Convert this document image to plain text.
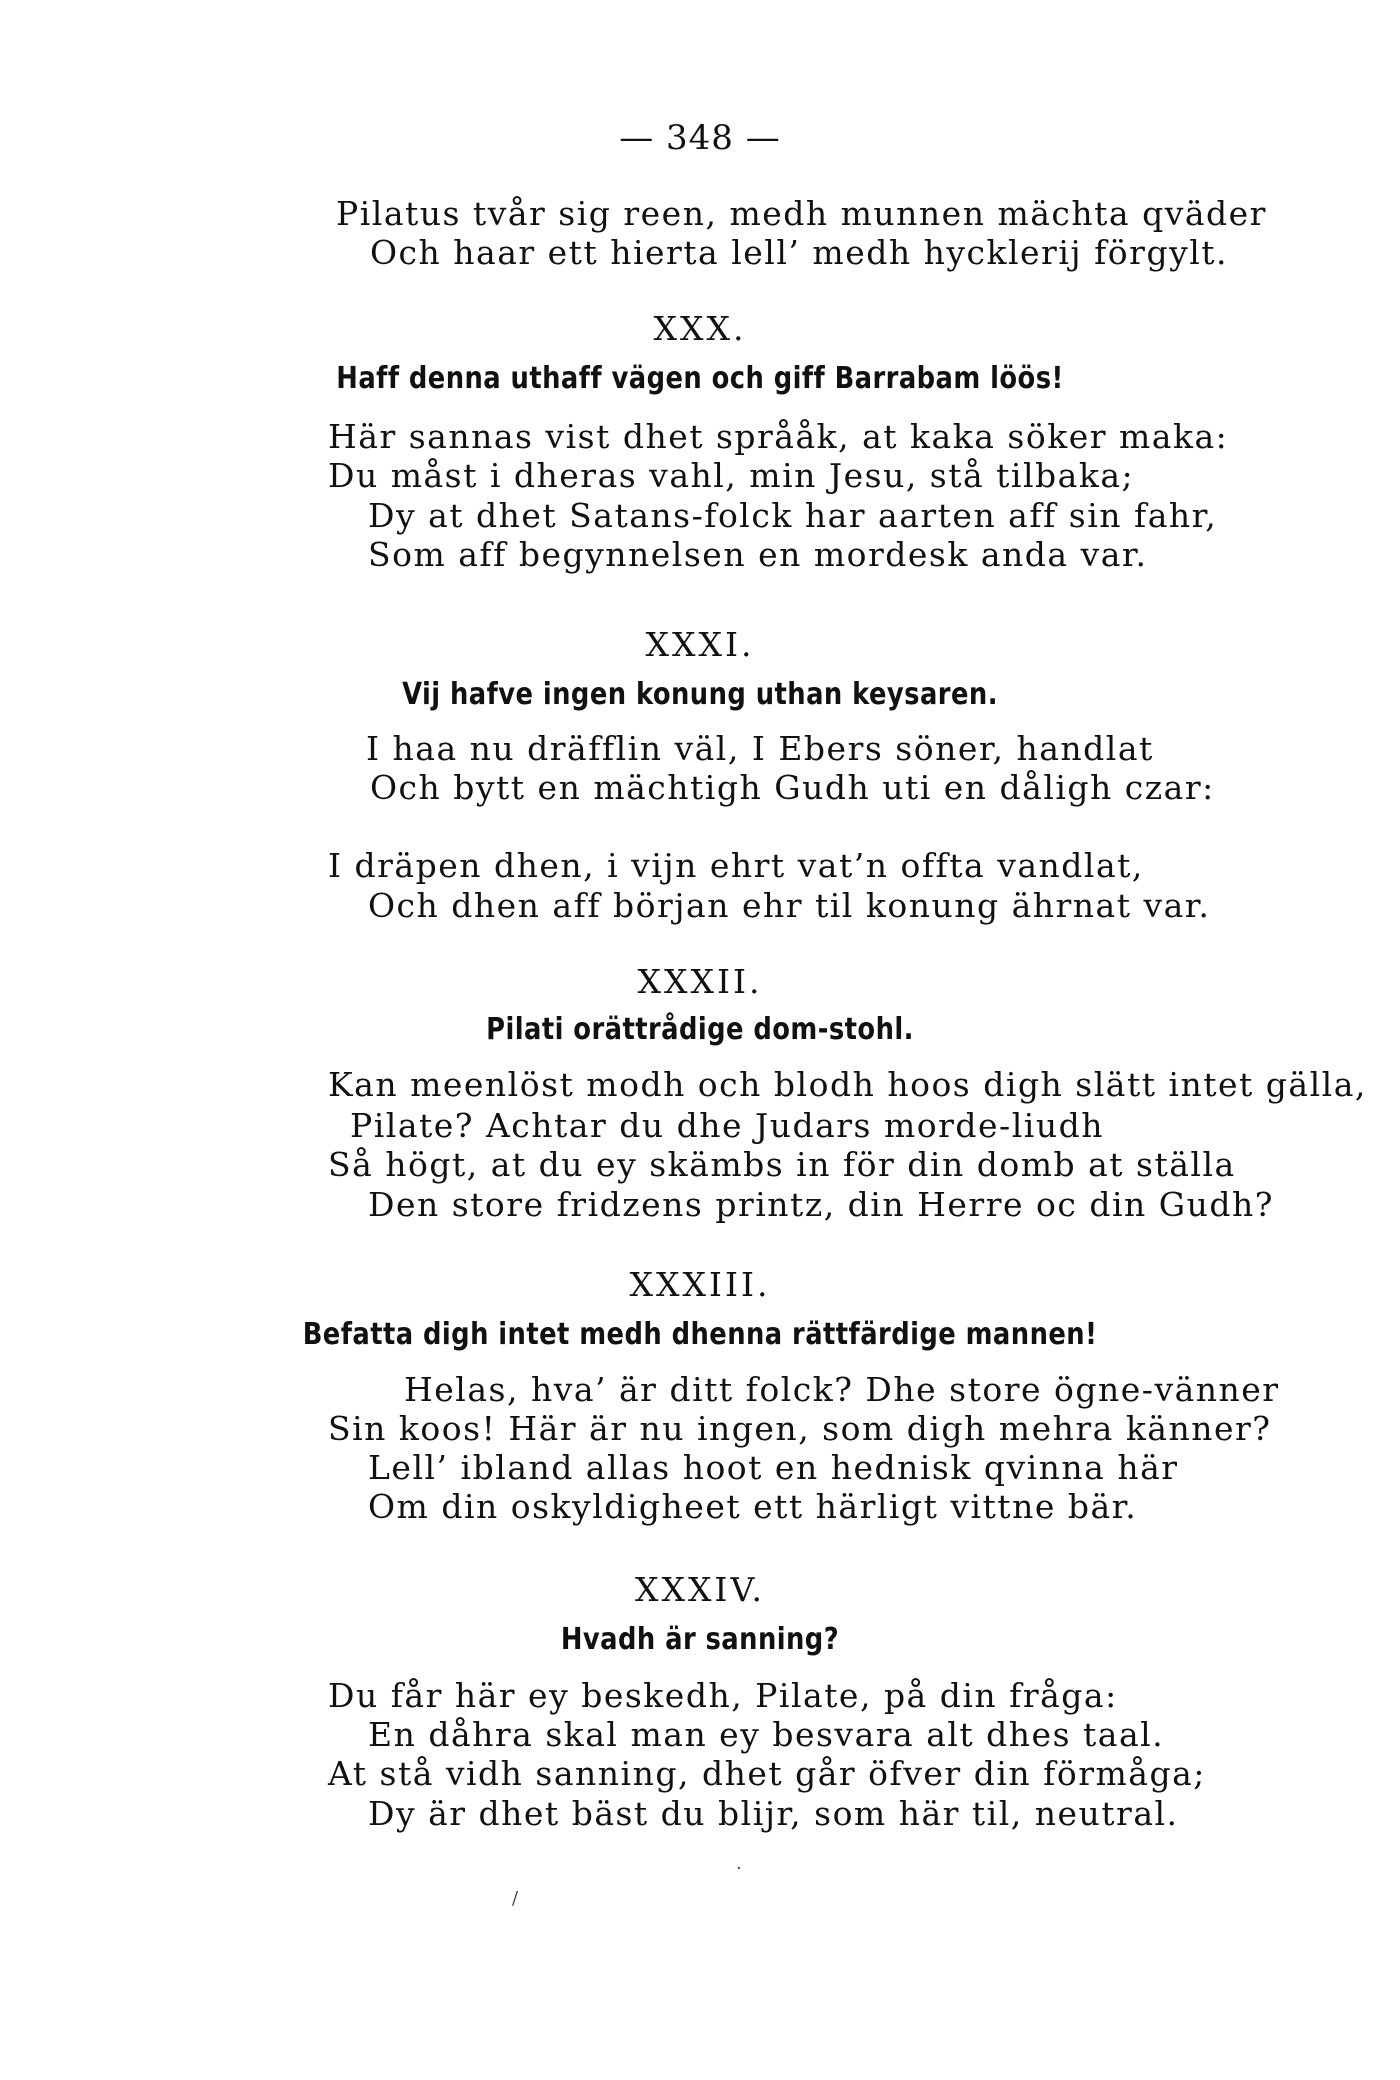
— 348 —
Pilatus tvår sig reen, medh munnen mächta qväder
Och haar ett hierta lell’ medh hycklerij förgylt.
XXX.
Haff denna uthaff vägen och giff Barrabam löös!
Här sannas vist dhet språåk, at kaka söker maka:
Du måst i dheras vahl, min Jesu, stå tilbaka;
Dy at dhet Satans-folck har aarten aff sin fahr,
Som aff begynnelsen en mordesk anda var.
XXXI.
Vij hafve ingen konung uthan keysaren.
I haa nu dräfflin väl, I Ebers söner, handlat
Och bytt en mächtigh Gudh uti en dåligh czar:
I dräpen dhen, i vijn ehrt vat’n offta vandlat,
Och dhen aff början ehr til konung ährnat var.
XXXII.
Pilati orättrådige dom-stohl.
Kan meenlöst modh och blodh hoos digh slätt intet gälla,
Pilate? Achtar du dhe Judars morde-liudh
Så högt, at du ey skämbs in för din domb at ställa
Den store fridzens printz, din Herre oc din Gudh?
XXXIII.
Befatta digh intet medh dhenna rättfärdige mannen!
Helas, hva’ är ditt folck? Dhe store ögne-vänner
Sin koos! Här är nu ingen, som digh mehra känner?
Lell’ ibland allas hoot en hednisk qvinna här
Om din oskyldigheet ett härligt vittne bär.
XXXIV.
Hvadh är sanning?
Du får här ey beskedh, Pilate, på din fråga:
En dåhra skal man ey besvara alt dhes taal.
At stå vidh sanning, dhet går öfver din förmåga;
Dy är dhet bäst du blijr, som här til, neutral.
·
/
